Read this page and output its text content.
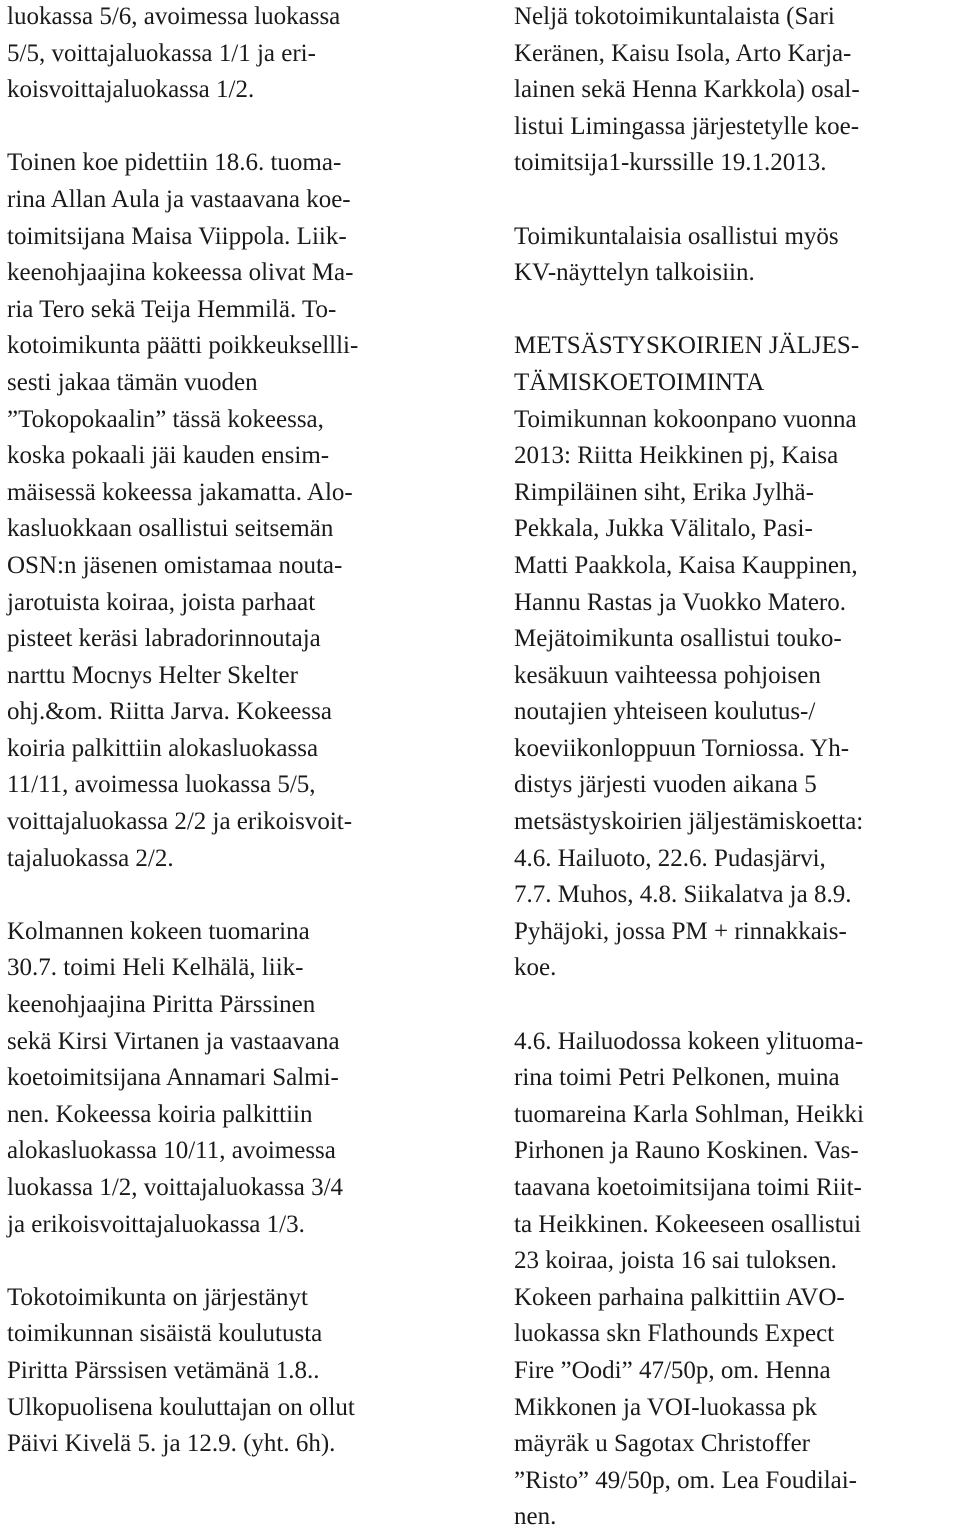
luokassa 5/6, avoimessa luokassa
5/5, voittajaluokassa 1/1 ja eri-
koisvoittajaluokassa 1/2.
Toinen koe pidettiin 18.6. tuoma-
rina Allan Aula ja vastaavana koe-
toimitsijana Maisa Viippola. Liik-
keenohjaajina kokeessa olivat Ma-
ria Tero sekä Teija Hemmilä. To-
kotoimikunta päätti poikkeuksellli-
sesti jakaa tämän vuoden
”Tokopokaalin” tässä kokeessa,
koska pokaali jäi kauden ensim-
mäisessä kokeessa jakamatta. Alo-
kasluokkaan osallistui seitsemän
OSN:n jäsenen omistamaa nouta-
jarotuista koiraa, joista parhaat
pisteet keräsi labradorinnoutaja
narttu Mocnys Helter Skelter
ohj.&om. Riitta Jarva. Kokeessa
koiria palkittiin alokasluokassa
11/11, avoimessa luokassa 5/5,
voittajaluokassa 2/2 ja erikoisvoit-
tajaluokassa 2/2.
Kolmannen kokeen tuomarina
30.7. toimi Heli Kelhälä, liik-
keenohjaajina Piritta Pärssinen
sekä Kirsi Virtanen ja vastaavana
koetoimitsijana Annamari Salmi-
nen. Kokeessa koiria palkittiin
alokasluokassa 10/11, avoimessa
luokassa 1/2, voittajaluokassa 3/4
ja erikoisvoittajaluokassa 1/3.
Tokotoimikunta on järjestänyt
toimikunnan sisäistä koulutusta
Piritta Pärssisen vetämänä 1.8..
Ulkopuolisena kouluttajan on ollut
Päivi Kivelä 5. ja 12.9. (yht. 6h).
Neljä tokotoimikuntalaista (Sari
Keränen, Kaisu Isola, Arto Karja-
lainen sekä Henna Karkkola) osal-
listui Limingassa järjestetylle koe-
toimitsija1-kurssille 19.1.2013.
Toimikuntalaisia osallistui myös
KV-näyttelyn talkoisiin.
METSÄSTYSKOIRIEN JÄLJES-
TÄMISKOETOIMINTA
Toimikunnan kokoonpano vuonna
2013: Riitta Heikkinen pj, Kaisa
Rimpiläinen siht, Erika Jylhä-
Pekkala, Jukka Välitalo, Pasi-
Matti Paakkola, Kaisa Kauppinen,
Hannu Rastas ja Vuokko Matero.
Mejätoimikunta osallistui touko-
kesäkuun vaihteessa pohjoisen
noutajien yhteiseen koulutus-/
koeviikonloppuun Torniossa. Yh-
distys järjesti vuoden aikana 5
metsästyskoirien jäljestämiskoetta:
4.6. Hailuoto, 22.6. Pudasjärvi,
7.7. Muhos, 4.8. Siikalatva ja 8.9.
Pyhäjoki, jossa PM + rinnakkais-
koe.
4.6. Hailuodossa kokeen ylituoma-
rina toimi Petri Pelkonen, muina
tuomareina Karla Sohlman, Heikki
Pirhonen ja Rauno Koskinen. Vas-
taavana koetoimitsijana toimi Riit-
ta Heikkinen. Kokeeseen osallistui
23 koiraa, joista 16 sai tuloksen.
Kokeen parhaina palkittiin AVO-
luokassa skn Flathounds Expect
Fire ”Oodi” 47/50p, om. Henna
Mikkonen ja VOI-luokassa pk
mäyräk u Sagotax Christoffer
”Risto” 49/50p, om. Lea Foudilai-
nen.
